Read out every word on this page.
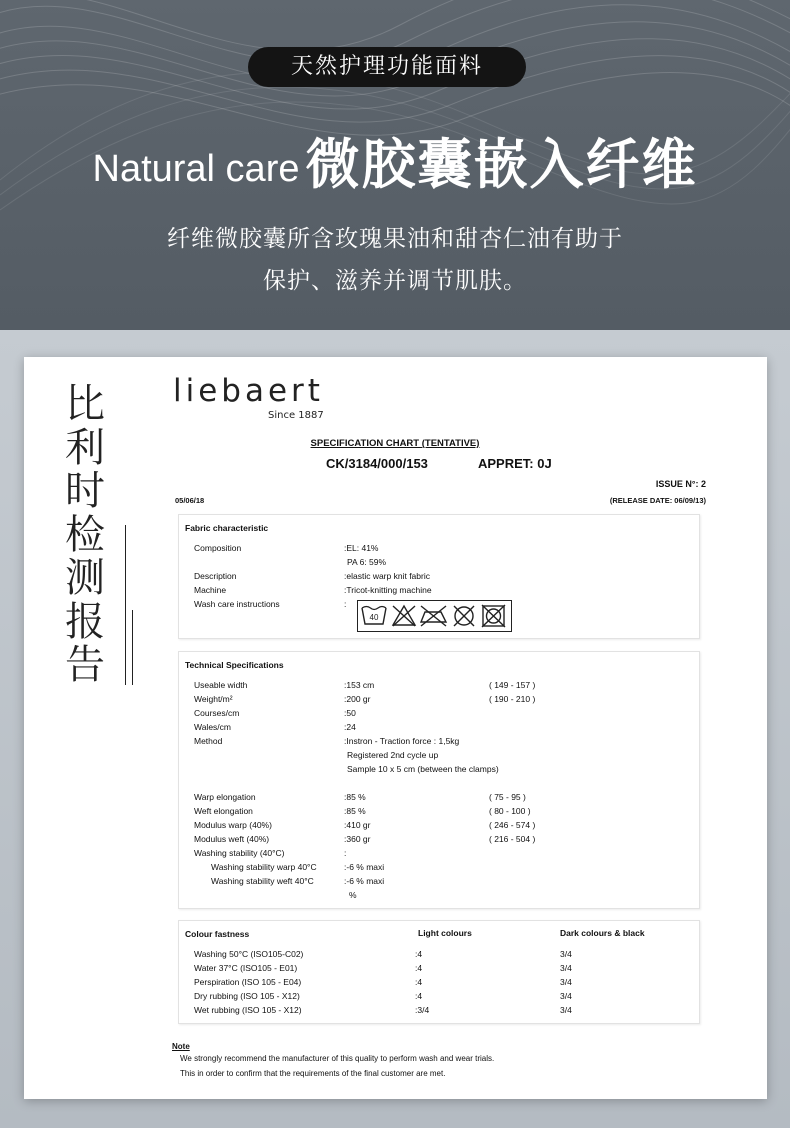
天然护理功能面料
Natural care 微胶囊嵌入纤维
纤维微胶囊所含玫瑰果油和甜杏仁油有助于
保护、滋养并调节肌肤。
比
利
时
检
测
报
告
liebaert
Since 1887
SPECIFICATION CHART (TENTATIVE)
CK/3184/000/153	APPRET: 0J
ISSUE N°: 2
05/06/18	(RELEASE DATE: 06/09/13)
Fabric characteristic
Composition	:EL: 41%
PA 6: 59%
Description	:elastic warp knit fabric
Machine	:Tricot-knitting machine
Wash care instructions	:
40
Technical Specifications
Useable width	:153 cm	( 149 - 157 )
Weight/m²	:200 gr	( 190 - 210 )
Courses/cm	:50
Wales/cm	:24
Method	:Instron - Traction force : 1,5kg
Registered 2nd cycle up
Sample 10 x 5 cm (between the clamps)
Warp elongation	:85 %	( 75 - 95 )
Weft elongation	:85 %	( 80 - 100 )
Modulus warp (40%)	:410 gr	( 246 - 574 )
Modulus weft (40%)	:360 gr	( 216 - 504 )
Washing stability (40°C)	:
Washing stability warp 40°C	:-6 % maxi
Washing stability weft 40°C	:-6 % maxi
%
Colour fastness	Light colours	Dark colours & black
Washing 50°C (ISO105-C02)	:4	3/4
Water 37°C (ISO105 - E01)	:4	3/4
Perspiration (ISO 105 - E04)	:4	3/4
Dry rubbing (ISO 105 - X12)	:4	3/4
Wet rubbing (ISO 105 - X12)	:3/4	3/4
Note
We strongly recommend the manufacturer of this quality to perform wash and wear trials.
This in order to confirm that the requirements of the final customer are met.
